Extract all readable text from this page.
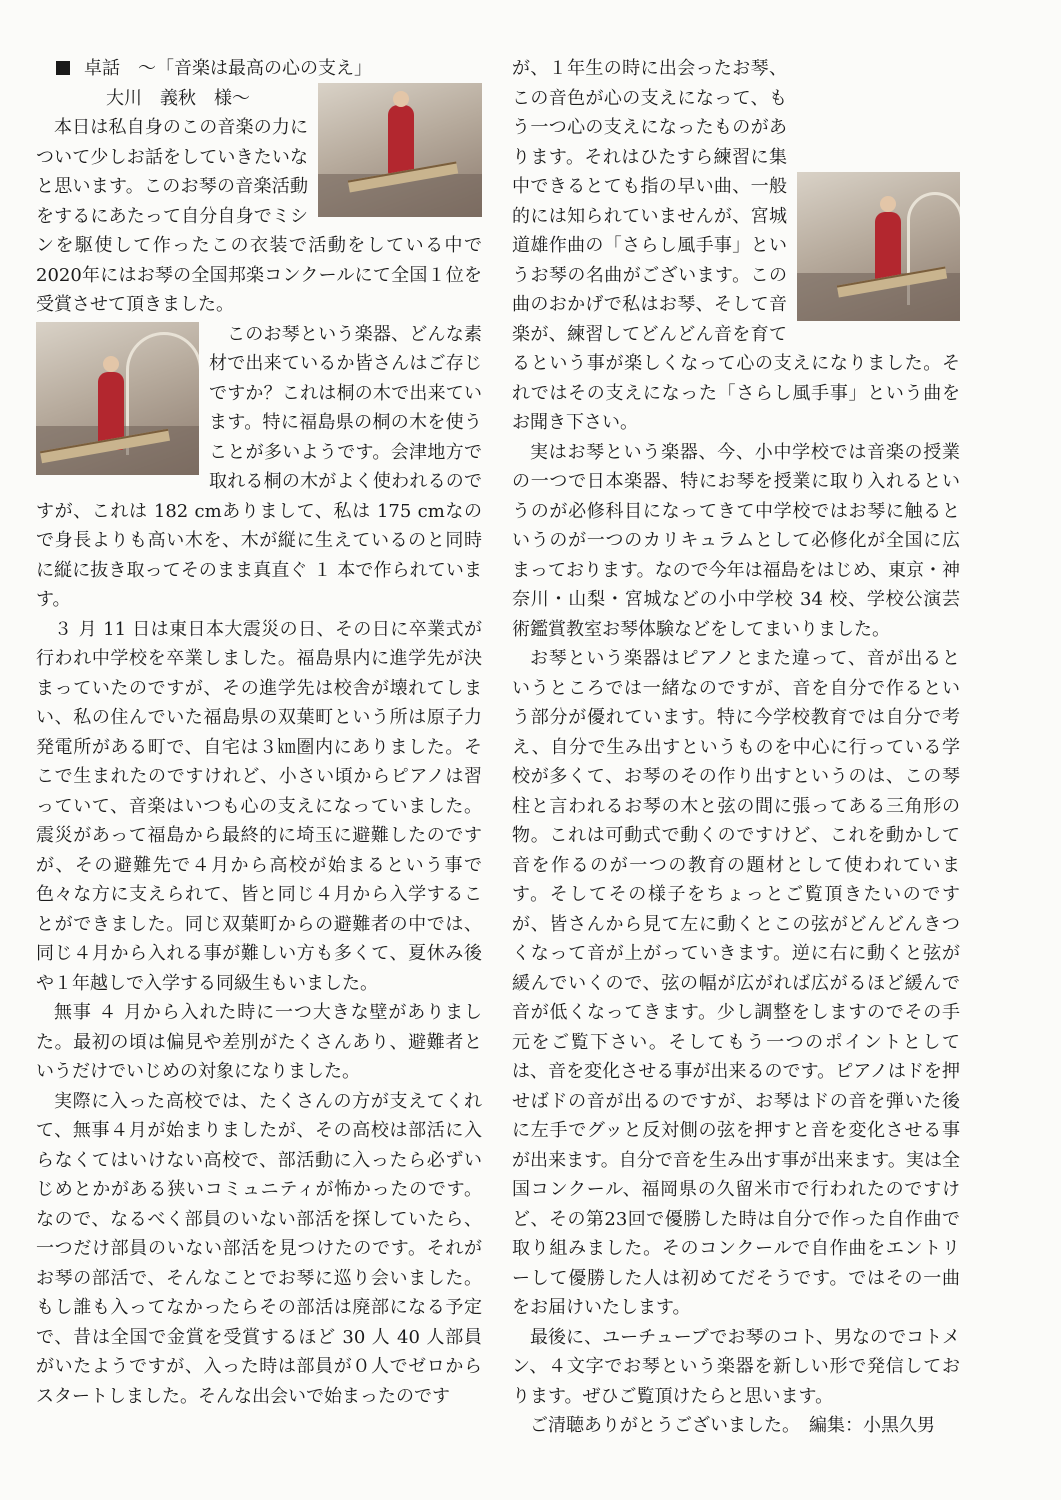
卓話　～「音楽は最高の心の支え」

大川　義秋　様～

本日は私自身のこの音楽の力について少しお話をしていきたいなと思います。このお琴の音楽活動をするにあたって自分自身でミシンを駆使して作ったこの衣装で活動をしている中で2020年にはお琴の全国邦楽コンクールにて全国１位を受賞させて頂きました。

このお琴という楽器、どんな素材で出来ているか皆さんはご存じですか？これは桐の木で出来ています。特に福島県の桐の木を使うことが多いようです。会津地方で取れる桐の木がよく使われるのですが、これは 182 cmありまして、私は 175 cmなので身長よりも高い木を、木が縦に生えているのと同時に縦に抜き取ってそのまま真直ぐ １ 本で作られています。

３ 月 11 日は東日本大震災の日、その日に卒業式が行われ中学校を卒業しました。福島県内に進学先が決まっていたのですが、その進学先は校舎が壊れてしまい、私の住んでいた福島県の双葉町という所は原子力発電所がある町で、自宅は３㎞圏内にありました。そこで生まれたのですけれど、小さい頃からピアノは習っていて、音楽はいつも心の支えになっていました。震災があって福島から最終的に埼玉に避難したのですが、その避難先で４月から高校が始まるという事で色々な方に支えられて、皆と同じ４月から入学することができました。同じ双葉町からの避難者の中では、同じ４月から入れる事が難しい方も多くて、夏休み後や１年越しで入学する同級生もいました。

無事 ４ 月から入れた時に一つ大きな壁がありました。最初の頃は偏見や差別がたくさんあり、避難者というだけでいじめの対象になりました。

実際に入った高校では、たくさんの方が支えてくれて、無事４月が始まりましたが、その高校は部活に入らなくてはいけない高校で、部活動に入ったら必ずいじめとかがある狭いコミュニティが怖かったのです。なので、なるべく部員のいない部活を探していたら、一つだけ部員のいない部活を見つけたのです。それがお琴の部活で、そんなことでお琴に巡り会いました。もし誰も入ってなかったらその部活は廃部になる予定で、昔は全国で金賞を受賞するほど 30 人 40 人部員がいたようですが、入った時は部員が０人でゼロからスタートしました。そんな出会いで始まったのです

が、１年生の時に出会ったお琴、この音色が心の支えになって、もう一つ心の支えになったものがあります。それはひたすら練習に集中できるとても指の早い曲、一般的には知られていませんが、宮城道雄作曲の「さらし風手事」というお琴の名曲がございます。この曲のおかげで私はお琴、そして音楽が、練習してどんどん音を育てるという事が楽しくなって心の支えになりました。それではその支えになった「さらし風手事」という曲をお聞き下さい。

実はお琴という楽器、今、小中学校では音楽の授業の一つで日本楽器、特にお琴を授業に取り入れるというのが必修科目になってきて中学校ではお琴に触るというのが一つのカリキュラムとして必修化が全国に広まっております。なので今年は福島をはじめ、東京・神奈川・山梨・宮城などの小中学校 34 校、学校公演芸術鑑賞教室お琴体験などをしてまいりました。

お琴という楽器はピアノとまた違って、音が出るというところでは一緒なのですが、音を自分で作るという部分が優れています。特に今学校教育では自分で考え、自分で生み出すというものを中心に行っている学校が多くて、お琴のその作り出すというのは、この琴柱と言われるお琴の木と弦の間に張ってある三角形の物。これは可動式で動くのですけど、これを動かして音を作るのが一つの教育の題材として使われています。そしてその様子をちょっとご覧頂きたいのですが、皆さんから見て左に動くとこの弦がどんどんきつくなって音が上がっていきます。逆に右に動くと弦が緩んでいくので、弦の幅が広がれば広がるほど緩んで音が低くなってきます。少し調整をしますのでその手元をご覧下さい。そしてもう一つのポイントとしては、音を変化させる事が出来るのです。ピアノはドを押せばドの音が出るのですが、お琴はドの音を弾いた後に左手でグッと反対側の弦を押すと音を変化させる事が出来ます。自分で音を生み出す事が出来ます。実は全国コンクール、福岡県の久留米市で行われたのですけど、その第23回で優勝した時は自分で作った自作曲で取り組みました。そのコンクールで自作曲をエントリーして優勝した人は初めてだそうです。ではその一曲をお届けいたします。

最後に、ユーチューブでお琴のコト、男なのでコトメン、４文字でお琴という楽器を新しい形で発信しております。ぜひご覧頂けたらと思います。

ご清聴ありがとうございました。　編集：小黒久男
